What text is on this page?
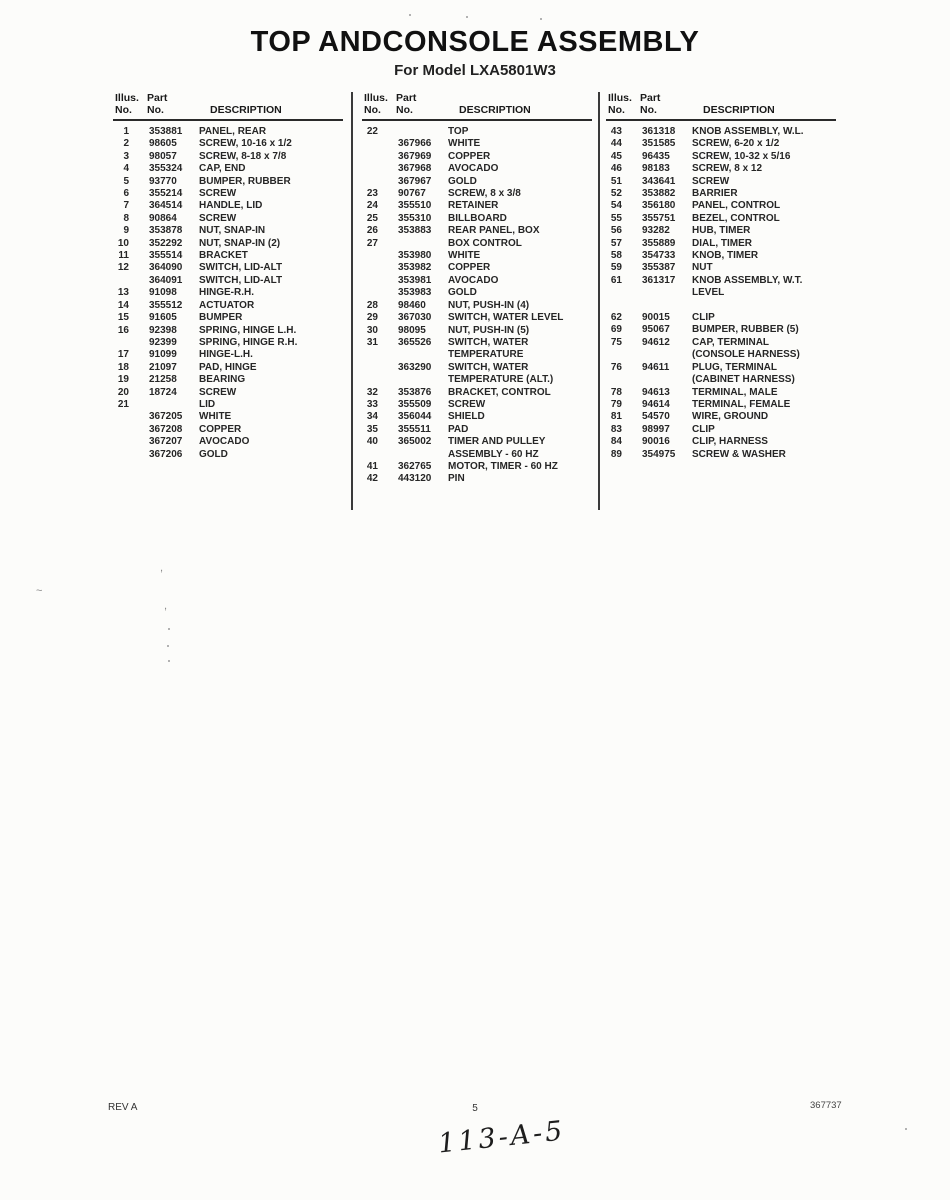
TOP ANDCONSOLE ASSEMBLY
For Model LXA5801W3
Illus. Part
No.	No.	DESCRIPTION
1	353881	PANEL, REAR
2	98605	SCREW, 10-16 x 1/2
3	98057	SCREW, 8-18 x 7/8
4	355324	CAP, END
5	93770	BUMPER, RUBBER
6	355214	SCREW
7	364514	HANDLE, LID
8	90864	SCREW
9	353878	NUT, SNAP-IN
10	352292	NUT, SNAP-IN (2)
11	355514	BRACKET
12	364090	SWITCH, LID-ALT
364091	SWITCH, LID-ALT
13	91098	HINGE-R.H.
14	355512	ACTUATOR
15	91605	BUMPER
16	92398	SPRING, HINGE L.H.
92399	SPRING, HINGE R.H.
17	91099	HINGE-L.H.
18	21097	PAD, HINGE
19	21258	BEARING
20	18724	SCREW
21	LID
367205	WHITE
367208	COPPER
367207	AVOCADO
367206	GOLD
Illus. Part
No.	No.	DESCRIPTION
22	TOP
367966	WHITE
367969	COPPER
367968	AVOCADO
367967	GOLD
23	90767	SCREW, 8 x 3/8
24	355510	RETAINER
25	355310	BILLBOARD
26	353883	REAR PANEL, BOX
27	BOX CONTROL
353980	WHITE
353982	COPPER
353981	AVOCADO
353983	GOLD
28	98460	NUT, PUSH-IN (4)
29	367030	SWITCH, WATER LEVEL
30	98095	NUT, PUSH-IN (5)
31	365526	SWITCH, WATER
TEMPERATURE
363290	SWITCH, WATER
TEMPERATURE (ALT.)
32	353876	BRACKET, CONTROL
33	355509	SCREW
34	356044	SHIELD
35	355511	PAD
40	365002	TIMER AND PULLEY
ASSEMBLY - 60 HZ
41	362765	MOTOR, TIMER - 60 HZ
42	443120	PIN
Illus. Part
No.	No.	DESCRIPTION
43	361318	KNOB ASSEMBLY, W.L.
44	351585	SCREW, 6-20 x 1/2
45	96435	SCREW, 10-32 x 5/16
46	98183	SCREW, 8 x 12
51	343641	SCREW
52	353882	BARRIER
54	356180	PANEL, CONTROL
55	355751	BEZEL, CONTROL
56	93282	HUB, TIMER
57	355889	DIAL, TIMER
58	354733	KNOB, TIMER
59	355387	NUT
61	361317	KNOB ASSEMBLY, W.T.
LEVEL
62	90015	CLIP
69	95067	BUMPER, RUBBER (5)
75	94612	CAP, TERMINAL
(CONSOLE HARNESS)
76	94611	PLUG, TERMINAL
(CABINET HARNESS)
78	94613	TERMINAL, MALE
79	94614	TERMINAL, FEMALE
81	54570	WIRE, GROUND
83	98997	CLIP
84	90016	CLIP, HARNESS
89	354975	SCREW & WASHER
,
~
,
REV A	5	367737
113-A-5
